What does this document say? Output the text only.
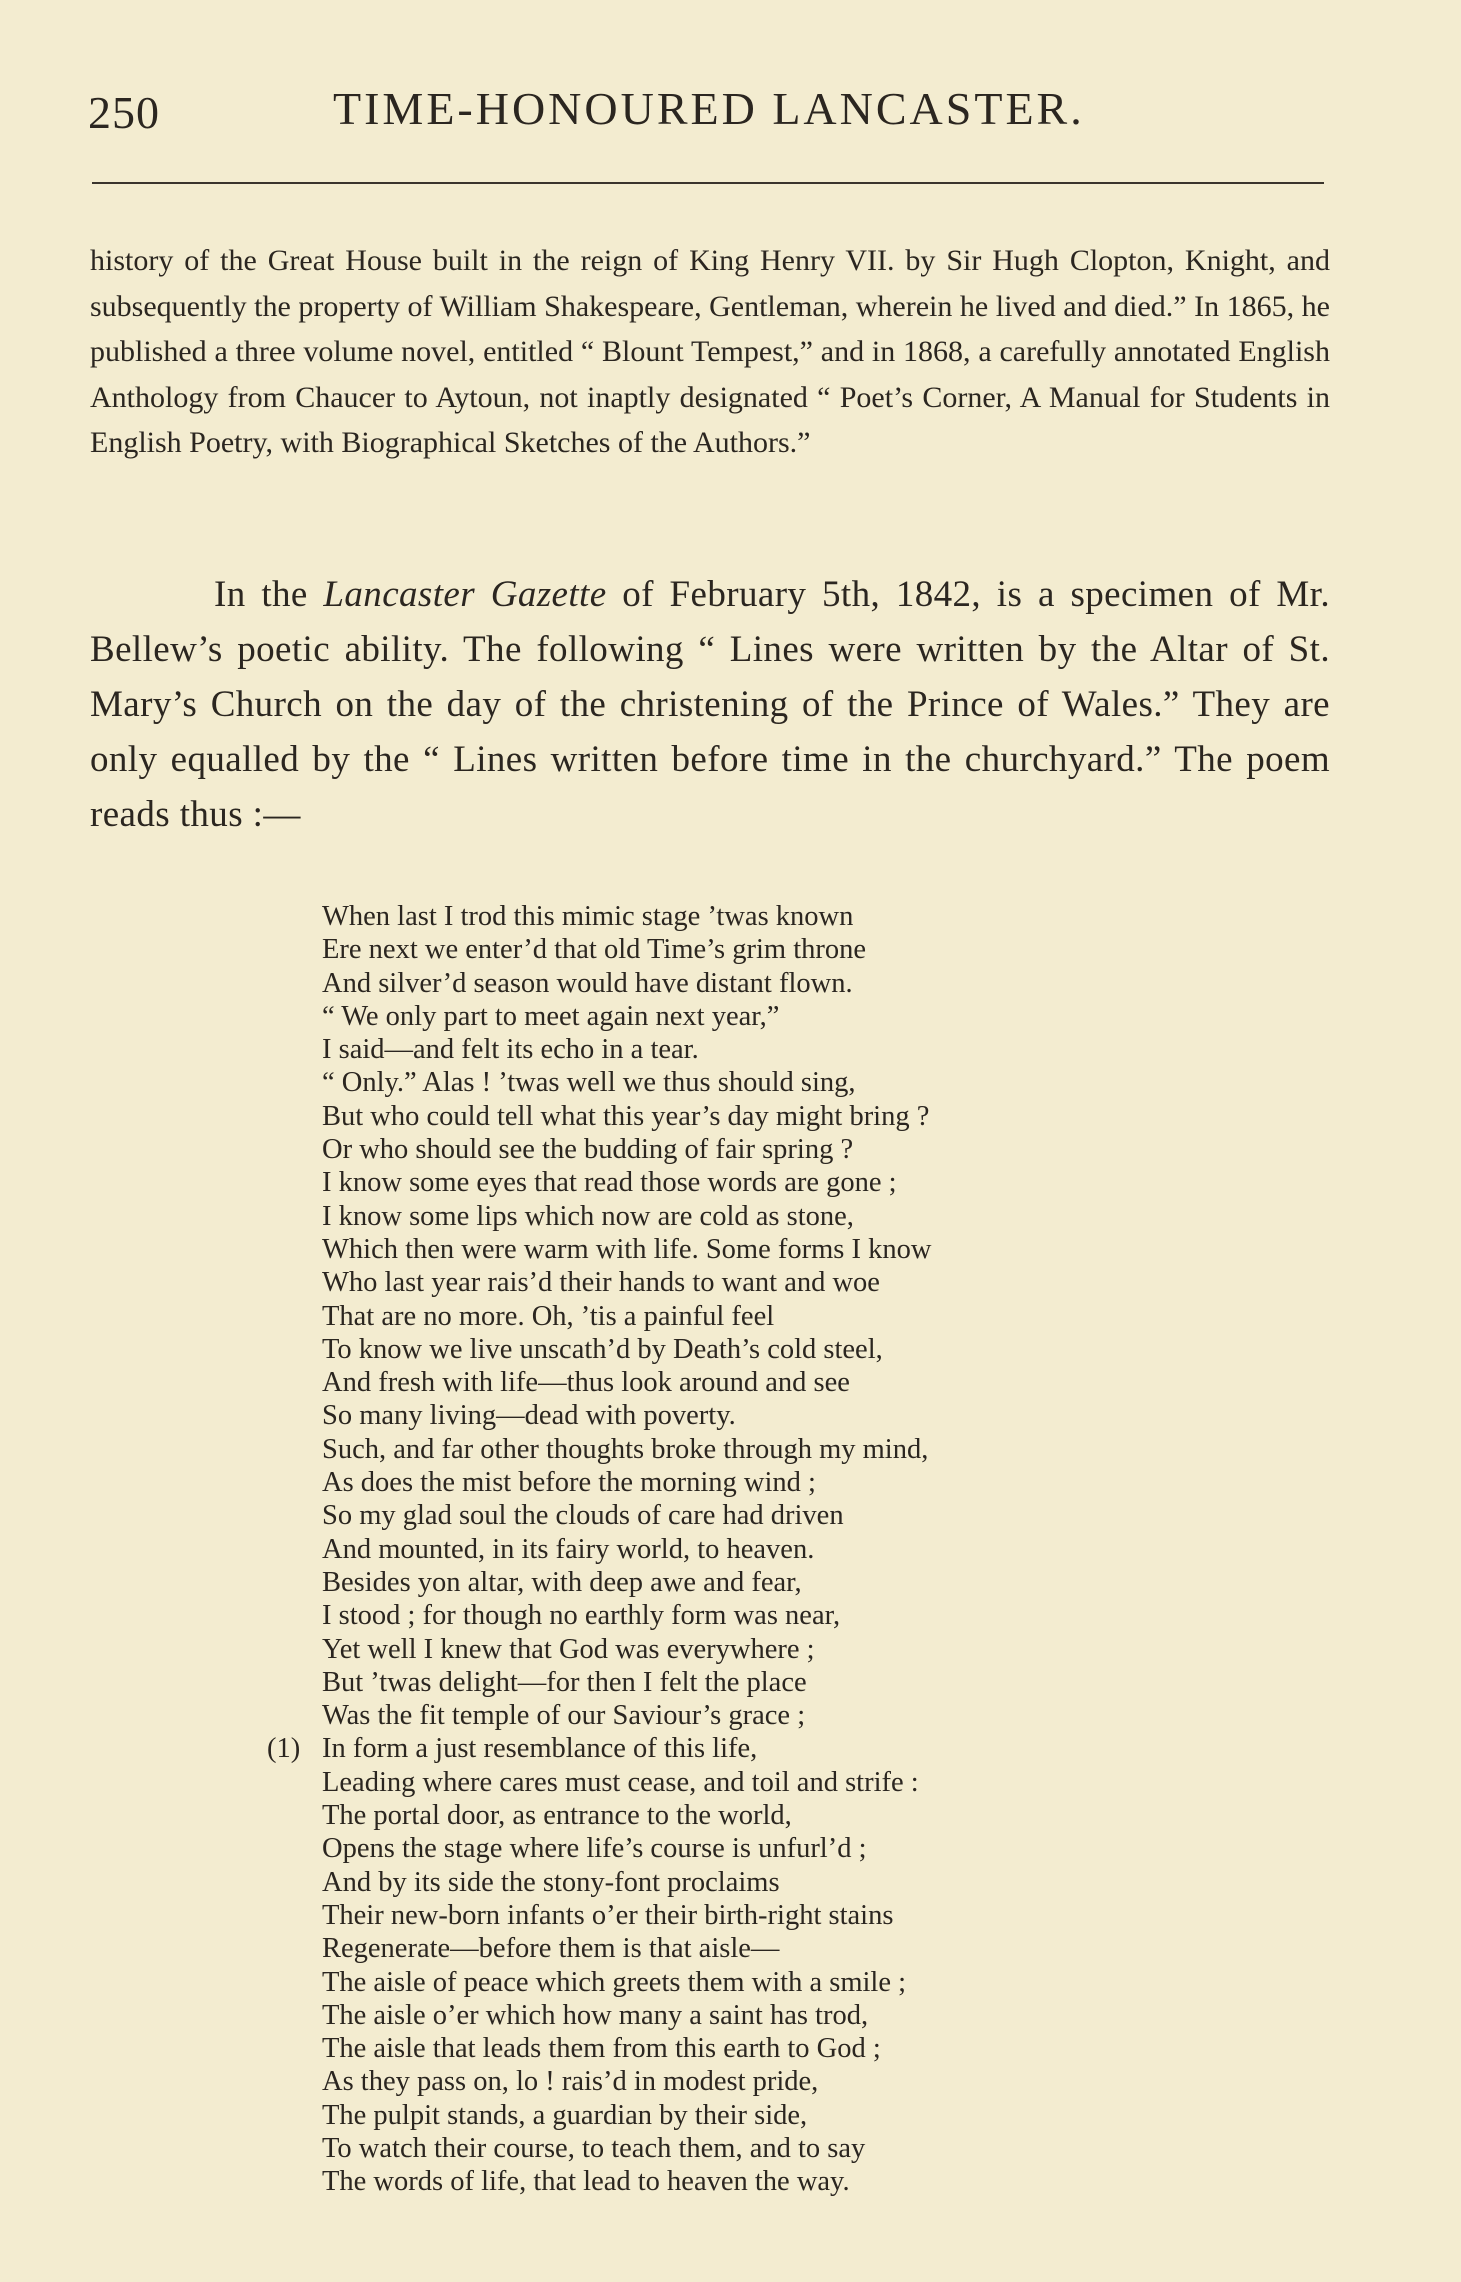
250	TIME-HONOURED LANCASTER.

history of the Great House built in the reign of King Henry VII. by Sir Hugh Clopton, Knight, and subsequently the property of William Shakespeare, Gentleman, wherein he lived and died.” In 1865, he published a three volume novel, entitled “ Blount Tempest,” and in 1868, a carefully annotated English Anthology from Chaucer to Aytoun, not inaptly designated “ Poet’s Corner, A Manual for Students in English Poetry, with Biographical Sketches of the Authors.”

In the Lancaster Gazette of February 5th, 1842, is a specimen of Mr. Bellew’s poetic ability. The following “ Lines were written by the Altar of St. Mary’s Church on the day of the christening of the Prince of Wales.” They are only equalled by the “ Lines written before time in the churchyard.” The poem reads thus :—

When last I trod this mimic stage ’twas known
Ere next we enter’d that old Time’s grim throne
And silver’d season would have distant flown.
“ We only part to meet again next year,”
I said—and felt its echo in a tear.
“ Only.” Alas ! ’twas well we thus should sing,
But who could tell what this year’s day might bring ?
Or who should see the budding of fair spring ?
I know some eyes that read those words are gone ;
I know some lips which now are cold as stone,
Which then were warm with life. Some forms I know
Who last year rais’d their hands to want and woe
That are no more. Oh, ’tis a painful feel
To know we live unscath’d by Death’s cold steel,
And fresh with life—thus look around and see
So many living—dead with poverty.
Such, and far other thoughts broke through my mind,
As does the mist before the morning wind ;
So my glad soul the clouds of care had driven
And mounted, in its fairy world, to heaven.
Besides yon altar, with deep awe and fear,
I stood ; for though no earthly form was near,
Yet well I knew that God was everywhere ;
But ’twas delight—for then I felt the place
Was the fit temple of our Saviour’s grace ;
(1) In form a just resemblance of this life,
Leading where cares must cease, and toil and strife :
The portal door, as entrance to the world,
Opens the stage where life’s course is unfurl’d ;
And by its side the stony-font proclaims
Their new-born infants o’er their birth-right stains
Regenerate—before them is that aisle—
The aisle of peace which greets them with a smile ;
The aisle o’er which how many a saint has trod,
The aisle that leads them from this earth to God ;
As they pass on, lo ! rais’d in modest pride,
The pulpit stands, a guardian by their side,
To watch their course, to teach them, and to say
The words of life, that lead to heaven the way.
